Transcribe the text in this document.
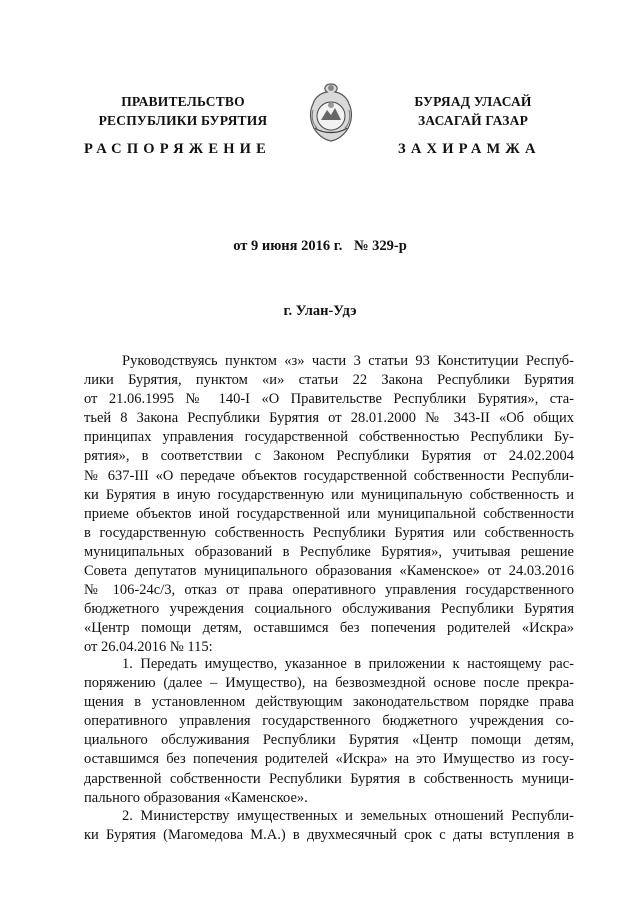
ПРАВИТЕЛЬСТВО
РЕСПУБЛИКИ БУРЯТИЯ
БУРЯАД УЛАСАЙ
ЗАСАГАЙ ГАЗАР
РАСПОРЯЖЕНИЕ	ЗАХИРАМЖА
от 9 июня 2016 г. № 329-р
г. Улан-Удэ
Руководствуясь пунктом «з» части 3 статьи 93 Конституции Респуб-
лики Бурятия, пунктом «и» статьи 22 Закона Республики Бурятия
от 21.06.1995 № 140-I «О Правительстве Республики Бурятия», ста-
тьей 8 Закона Республики Бурятия от 28.01.2000 № 343-II «Об общих
принципах управления государственной собственностью Республики Бу-
рятия», в соответствии с Законом Республики Бурятия от 24.02.2004
№ 637-III «О передаче объектов государственной собственности Республи-
ки Бурятия в иную государственную или муниципальную собственность и
приеме объектов иной государственной или муниципальной собственности
в государственную собственность Республики Бурятия или собственность
муниципальных образований в Республике Бурятия», учитывая решение
Совета депутатов муниципального образования «Каменское» от 24.03.2016
№ 106-24с/3, отказ от права оперативного управления государственного
бюджетного учреждения социального обслуживания Республики Бурятия
«Центр помощи детям, оставшимся без попечения родителей «Искра»
от 26.04.2016 № 115:
1. Передать имущество, указанное в приложении к настоящему рас-
поряжению (далее – Имущество), на безвозмездной основе после прекра-
щения в установленном действующим законодательством порядке права
оперативного управления государственного бюджетного учреждения со-
циального обслуживания Республики Бурятия «Центр помощи детям,
оставшимся без попечения родителей «Искра» на это Имущество из госу-
дарственной собственности Республики Бурятия в собственность муници-
пального образования «Каменское».
2. Министерству имущественных и земельных отношений Республи-
ки Бурятия (Магомедова М.А.) в двухмесячный срок с даты вступления в
